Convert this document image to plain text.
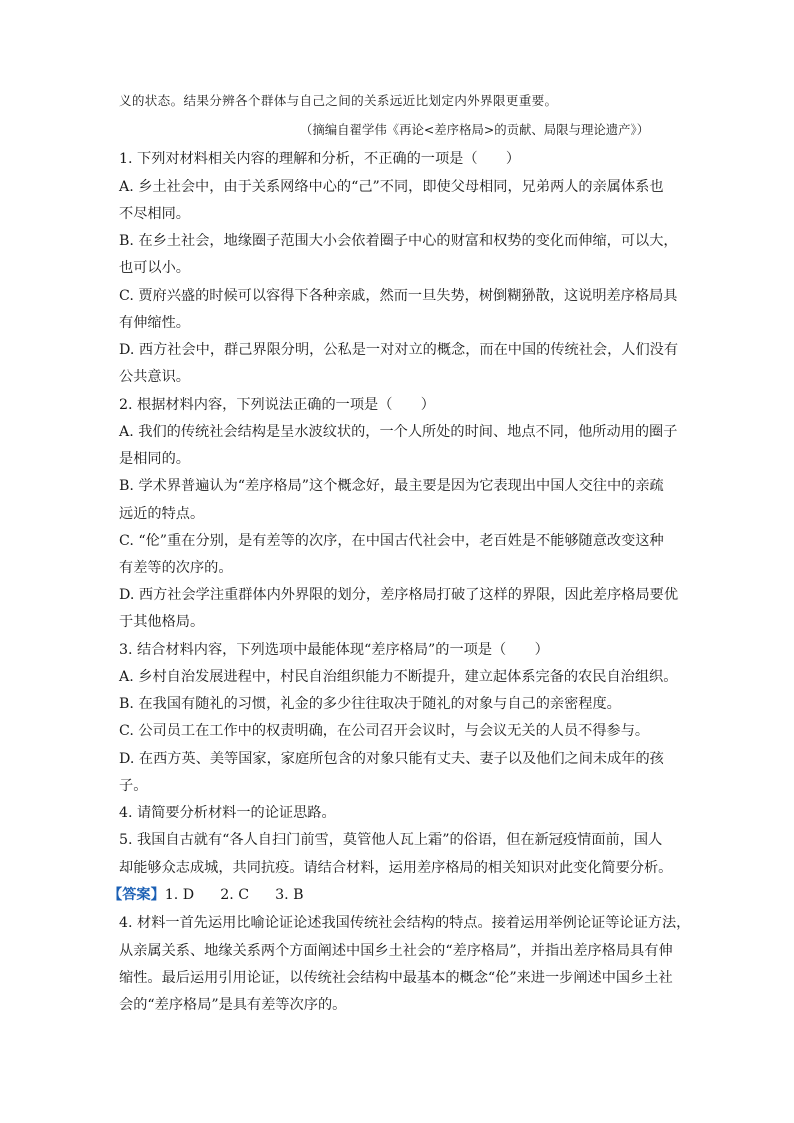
义的状态。结果分辨各个群体与自己之间的关系远近比划定内外界限更重要。
（摘编自翟学伟《再论<差序格局>的贡献、局限与理论遗产》）
1. 下列对材料相关内容的理解和分析，不正确的一项是（　　）
A. 乡土社会中，由于关系网络中心的“己”不同，即使父母相同，兄弟两人的亲属体系也
不尽相同。
B. 在乡土社会，地缘圈子范围大小会依着圈子中心的财富和权势的变化而伸缩，可以大，
也可以小。
C. 贾府兴盛的时候可以容得下各种亲戚，然而一旦失势，树倒糊狲散，这说明差序格局具
有伸缩性。
D. 西方社会中，群己界限分明，公私是一对对立的概念，而在中国的传统社会，人们没有
公共意识。
2. 根据材料内容，下列说法正确的一项是（　　）
A. 我们的传统社会结构是呈水波纹状的，一个人所处的时间、地点不同，他所动用的圈子
是相同的。
B. 学术界普遍认为“差序格局”这个概念好，最主要是因为它表现出中国人交往中的亲疏
远近的特点。
C. “伦”重在分别，是有差等的次序，在中国古代社会中，老百姓是不能够随意改变这种
有差等的次序的。
D. 西方社会学注重群体内外界限的划分，差序格局打破了这样的界限，因此差序格局要优
于其他格局。
3. 结合材料内容，下列选项中最能体现“差序格局”的一项是（　　）
A. 乡村自治发展进程中，村民自治组织能力不断提升，建立起体系完备的农民自治组织。
B. 在我国有随礼的习惯，礼金的多少往往取决于随礼的对象与自己的亲密程度。
C. 公司员工在工作中的权责明确，在公司召开会议时，与会议无关的人员不得参与。
D. 在西方英、美等国家，家庭所包含的对象只能有丈夫、妻子以及他们之间未成年的孩
子。
4. 请简要分析材料一的论证思路。
5. 我国自古就有“各人自扫门前雪，莫管他人瓦上霜”的俗语，但在新冠疫情面前，国人
却能够众志成城，共同抗疫。请结合材料，运用差序格局的相关知识对此变化简要分析。
【答案】1. D 2. C 3. B
4. 材料一首先运用比喻论证论述我国传统社会结构的特点。接着运用举例论证等论证方法，
从亲属关系、地缘关系两个方面阐述中国乡土社会的“差序格局”，并指出差序格局具有伸
缩性。最后运用引用论证，以传统社会结构中最基本的概念“伦”来进一步阐述中国乡土社
会的“差序格局”是具有差等次序的。
